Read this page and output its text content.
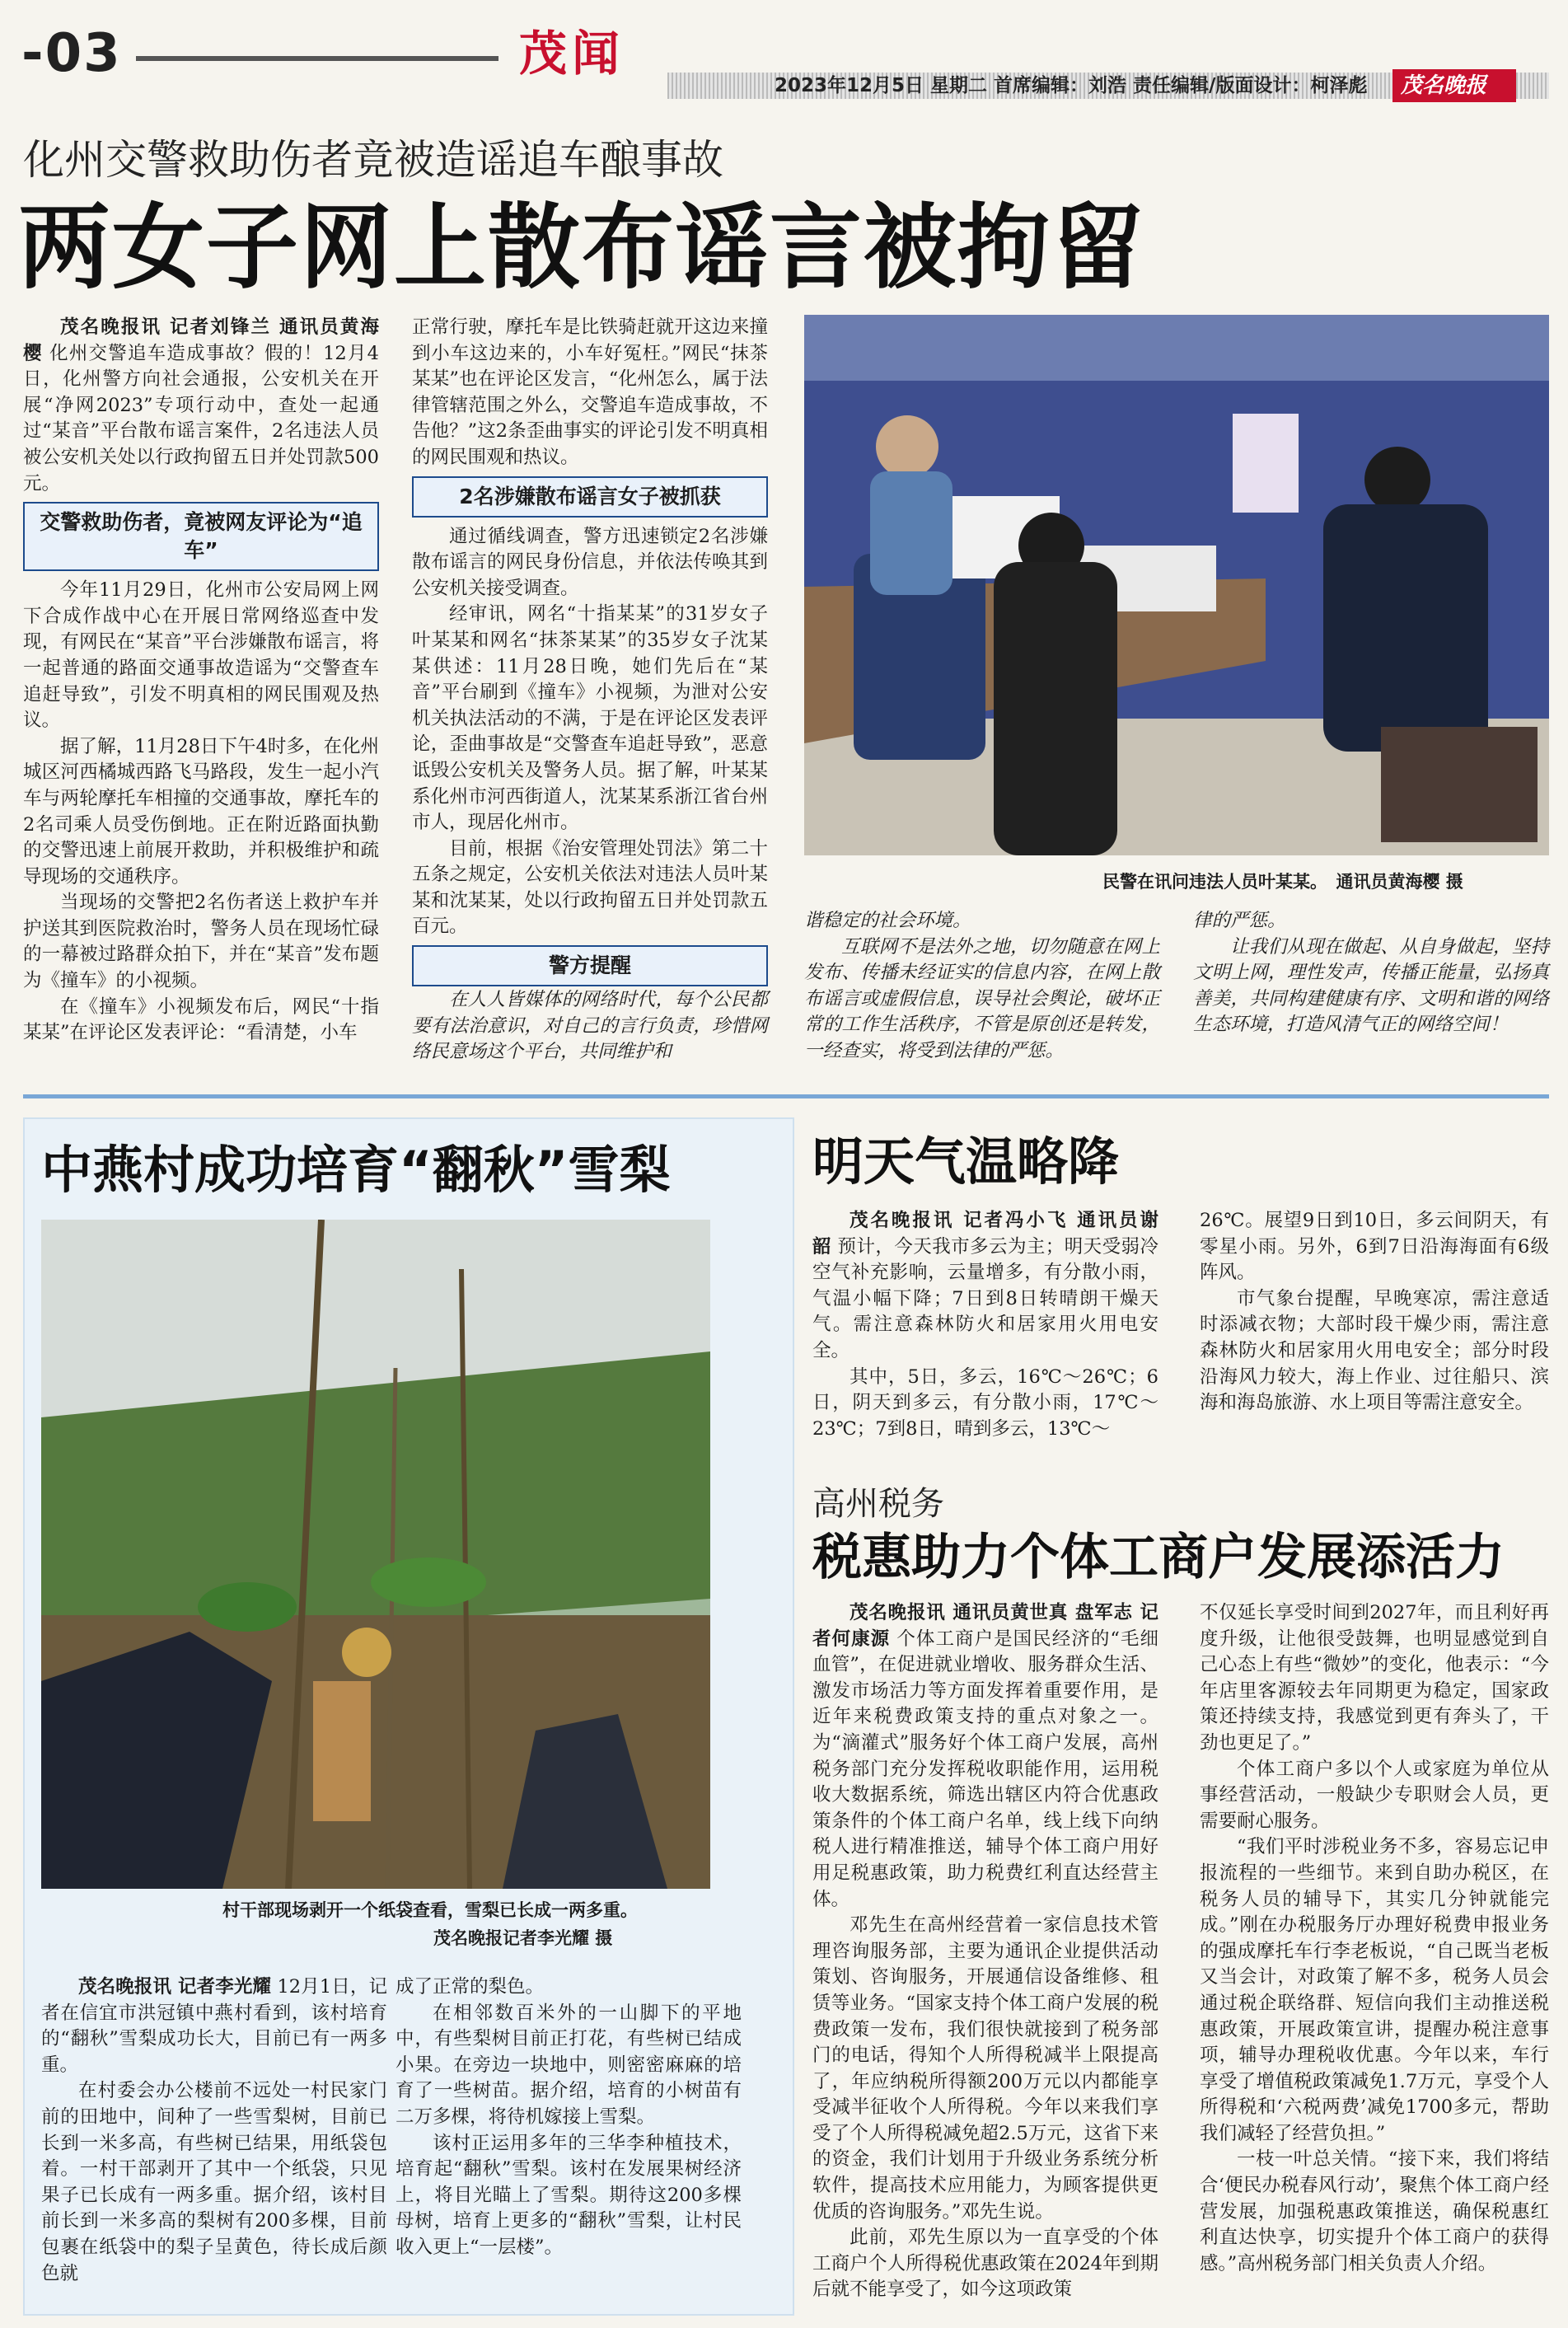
-03	茂闻
2023年12月5日 星期二 首席编辑：刘浩 责任编辑/版面设计：柯泽彪 茂名晚报
化州交警救助伤者竟被造谣追车酿事故
两女子网上散布谣言被拘留

茂名晚报讯 记者刘锋兰 通讯员黄海樱 化州交警追车造成事故？假的！12月4日，化州警方向社会通报，公安机关在开展“净网2023”专项行动中，查处一起通过“某音”平台散布谣言案件，2名违法人员被公安机关处以行政拘留五日并处罚款500元。

交警救助伤者，竟被网友评论为“追车”

今年11月29日，化州市公安局网上网下合成作战中心在开展日常网络巡查中发现，有网民在“某音”平台涉嫌散布谣言，将一起普通的路面交通事故造谣为“交警查车追赶导致”，引发不明真相的网民围观及热议。

据了解，11月28日下午4时多，在化州城区河西橘城西路飞马路段，发生一起小汽车与两轮摩托车相撞的交通事故，摩托车的2名司乘人员受伤倒地。正在附近路面执勤的交警迅速上前展开救助，并积极维护和疏导现场的交通秩序。

当现场的交警把2名伤者送上救护车并护送其到医院救治时，警务人员在现场忙碌的一幕被过路群众拍下，并在“某音”发布题为《撞车》的小视频。

在《撞车》小视频发布后，网民“十指某某”在评论区发表评论：“看清楚，小车

正常行驶，摩托车是比铁骑赶就开这边来撞到小车这边来的，小车好冤枉。”网民“抹茶某某”也在评论区发言，“化州怎么，属于法律管辖范围之外么，交警追车造成事故，不告他？”这2条歪曲事实的评论引发不明真相的网民围观和热议。

2名涉嫌散布谣言女子被抓获

通过循线调查，警方迅速锁定2名涉嫌散布谣言的网民身份信息，并依法传唤其到公安机关接受调查。

经审讯，网名“十指某某”的31岁女子叶某某和网名“抹茶某某”的35岁女子沈某某供述：11月28日晚，她们先后在“某音”平台刷到《撞车》小视频，为泄对公安机关执法活动的不满，于是在评论区发表评论，歪曲事故是“交警查车追赶导致”，恶意诋毁公安机关及警务人员。据了解，叶某某系化州市河西街道人，沈某某系浙江省台州市人，现居化州市。

目前，根据《治安管理处罚法》第二十五条之规定，公安机关依法对违法人员叶某某和沈某某，处以行政拘留五日并处罚款五百元。

警方提醒
民警在讯问违法人员叶某某。　通讯员黄海樱 摄

在人人皆媒体的网络时代，每个公民都要有法治意识，对自己的言行负责，珍惜网络民意场这个平台，共同维护和

谐稳定的社会环境。

互联网不是法外之地，切勿随意在网上发布、传播未经证实的信息内容，在网上散布谣言或虚假信息，误导社会舆论，破坏正常的工作生活秩序，不管是原创还是转发，一经查实，将受到法律的严惩。

律的严惩。

让我们从现在做起、从自身做起，坚持文明上网，理性发声，传播正能量，弘扬真善美，共同构建健康有序、文明和谐的网络生态环境，打造风清气正的网络空间！

中燕村成功培育“翻秋”雪梨
村干部现场剥开一个纸袋查看，雪梨已长成一两多重。
茂名晚报记者李光耀 摄

茂名晚报讯 记者李光耀 12月1日，记者在信宜市洪冠镇中燕村看到，该村培育的“翻秋”雪梨成功长大，目前已有一两多重。

在村委会办公楼前不远处一村民家门前的田地中，间种了一些雪梨树，目前已长到一米多高，有些树已结果，用纸袋包着。一村干部剥开了其中一个纸袋，只见果子已长成有一两多重。据介绍，该村目前长到一米多高的梨树有200多棵，目前包裹在纸袋中的梨子呈黄色，待长成后颜色就

成了正常的梨色。

在相邻数百米外的一山脚下的平地中，有些梨树目前正打花，有些树已结成小果。在旁边一块地中，则密密麻麻的培育了一些树苗。据介绍，培育的小树苗有二万多棵，将待机嫁接上雪梨。

该村正运用多年的三华李种植技术，培育起“翻秋”雪梨。该村在发展果树经济上，将目光瞄上了雪梨。期待这200多棵母树，培育上更多的“翻秋”雪梨，让村民收入更上“一层楼”。

明天气温略降

茂名晚报讯 记者冯小飞 通讯员谢韶 预计，今天我市多云为主；明天受弱冷空气补充影响，云量增多，有分散小雨，气温小幅下降；7日到8日转晴朗干燥天气。需注意森林防火和居家用火用电安全。

其中，5日，多云，16℃～26℃；6日，阴天到多云，有分散小雨，17℃～23℃；7到8日，晴到多云，13℃～

26℃。展望9日到10日，多云间阴天，有零星小雨。另外，6到7日沿海海面有6级阵风。

市气象台提醒，早晚寒凉，需注意适时添减衣物；大部时段干燥少雨，需注意森林防火和居家用火用电安全；部分时段沿海风力较大，海上作业、过往船只、滨海和海岛旅游、水上项目等需注意安全。

高州税务
税惠助力个体工商户发展添活力

茂名晚报讯 通讯员黄世真 盘军志 记者何康源 个体工商户是国民经济的“毛细血管”，在促进就业增收、服务群众生活、激发市场活力等方面发挥着重要作用，是近年来税费政策支持的重点对象之一。为“滴灌式”服务好个体工商户发展，高州税务部门充分发挥税收职能作用，运用税收大数据系统，筛选出辖区内符合优惠政策条件的个体工商户名单，线上线下向纳税人进行精准推送，辅导个体工商户用好用足税惠政策，助力税费红利直达经营主体。

邓先生在高州经营着一家信息技术管理咨询服务部，主要为通讯企业提供活动策划、咨询服务，开展通信设备维修、租赁等业务。“国家支持个体工商户发展的税费政策一发布，我们很快就接到了税务部门的电话，得知个人所得税减半上限提高了，年应纳税所得额200万元以内都能享受减半征收个人所得税。今年以来我们享受了个人所得税减免超2.5万元，这省下来的资金，我们计划用于升级业务系统分析软件，提高技术应用能力，为顾客提供更优质的咨询服务。”邓先生说。

此前，邓先生原以为一直享受的个体工商户个人所得税优惠政策在2024年到期后就不能享受了，如今这项政策

不仅延长享受时间到2027年，而且利好再度升级，让他很受鼓舞，也明显感觉到自己心态上有些“微妙”的变化，他表示：“今年店里客源较去年同期更为稳定，国家政策还持续支持，我感觉到更有奔头了，干劲也更足了。”

个体工商户多以个人或家庭为单位从事经营活动，一般缺少专职财会人员，更需要耐心服务。

“我们平时涉税业务不多，容易忘记申报流程的一些细节。来到自助办税区，在税务人员的辅导下，其实几分钟就能完成。”刚在办税服务厅办理好税费申报业务的强成摩托车行李老板说，“自己既当老板又当会计，对政策了解不多，税务人员会通过税企联络群、短信向我们主动推送税惠政策，开展政策宣讲，提醒办税注意事项，辅导办理税收优惠。今年以来，车行享受了增值税政策减免1.7万元，享受个人所得税和‘六税两费’减免1700多元，帮助我们减轻了经营负担。”

一枝一叶总关情。“接下来，我们将结合‘便民办税春风行动’，聚焦个体工商户经营发展，加强税惠政策推送，确保税惠红利直达快享，切实提升个体工商户的获得感。”高州税务部门相关负责人介绍。
